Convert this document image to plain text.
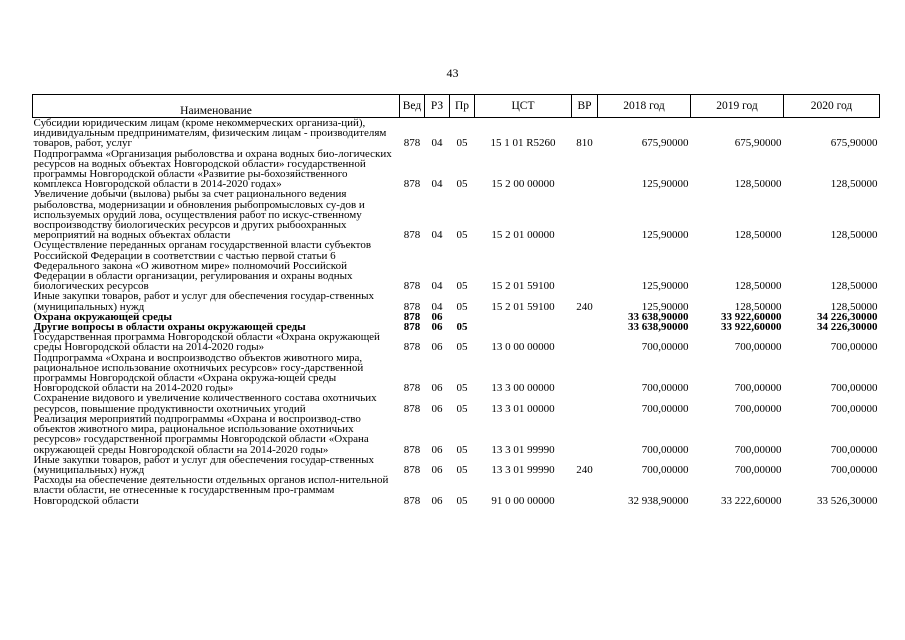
43
Наименование	Вед	РЗ	Пр	ЦСТ	ВР	2018 год	2019 год	2020 год
Субсидии юридическим лицам (кроме некоммерческих организа-ций), индивидуальным предпринимателям, физическим лицам - производителям товаров, работ, услуг	878	04	05	15 1 01 R5260	810	675,90000	675,90000	675,90000
Подпрограмма «Организация рыболовства и охрана водных био-логических ресурсов на водных объектах Новгородской области» государственной программы Новгородской области «Развитие ры-бохозяйственного комплекса Новгородской области в 2014-2020 годах»	878	04	05	15 2 00 00000		125,90000	128,50000	128,50000
Увеличение добычи (вылова) рыбы за счет рационального ведения рыболовства, модернизации и обновления рыбопромысловых су-дов и используемых орудий лова, осуществления работ по искус-ственному воспроизводству биологических ресурсов и других рыбоохранных мероприятий на водных объектах области	878	04	05	15 2 01 00000		125,90000	128,50000	128,50000
Осуществление переданных органам государственной власти субъектов Российской Федерации в соответствии с частью первой статьи 6 Федерального закона «О животном мире» полномочий Российской Федерации в области организации, регулирования и охраны водных биологических ресурсов	878	04	05	15 2 01 59100		125,90000	128,50000	128,50000
Иные закупки товаров, работ и услуг для обеспечения государ-ственных (муниципальных) нужд	878	04	05	15 2 01 59100	240	125,90000	128,50000	128,50000
Охрана окружающей среды	878	06				33 638,90000	33 922,60000	34 226,30000
Другие вопросы в области охраны окружающей среды	878	06	05			33 638,90000	33 922,60000	34 226,30000
Государственная программа Новгородской области «Охрана окружающей среды Новгородской области на 2014-2020 годы»	878	06	05	13 0 00 00000		700,00000	700,00000	700,00000
Подпрограмма «Охрана и воспроизводство объектов животного мира, рациональное использование охотничьих ресурсов» госу-дарственной программы Новгородской области «Охрана окружа-ющей среды Новгородской области на 2014-2020 годы»	878	06	05	13 3 00 00000		700,00000	700,00000	700,00000
Сохранение видового и увеличение количественного состава охотничьих ресурсов, повышение продуктивности охотничьих угодий	878	06	05	13 3 01 00000		700,00000	700,00000	700,00000
Реализация мероприятий подпрограммы «Охрана и воспроизвод-ство объектов животного мира, рациональное использование охотничьих ресурсов» государственной программы Новгородской области «Охрана окружающей среды Новгородской области на 2014-2020 годы»	878	06	05	13 3 01 99990		700,00000	700,00000	700,00000
Иные закупки товаров, работ и услуг для обеспечения государ-ственных (муниципальных) нужд	878	06	05	13 3 01 99990	240	700,00000	700,00000	700,00000
Расходы на обеспечение деятельности отдельных органов испол-нительной власти области, не отнесенные к государственным про-граммам Новгородской области	878	06	05	91 0 00 00000		32 938,90000	33 222,60000	33 526,30000
